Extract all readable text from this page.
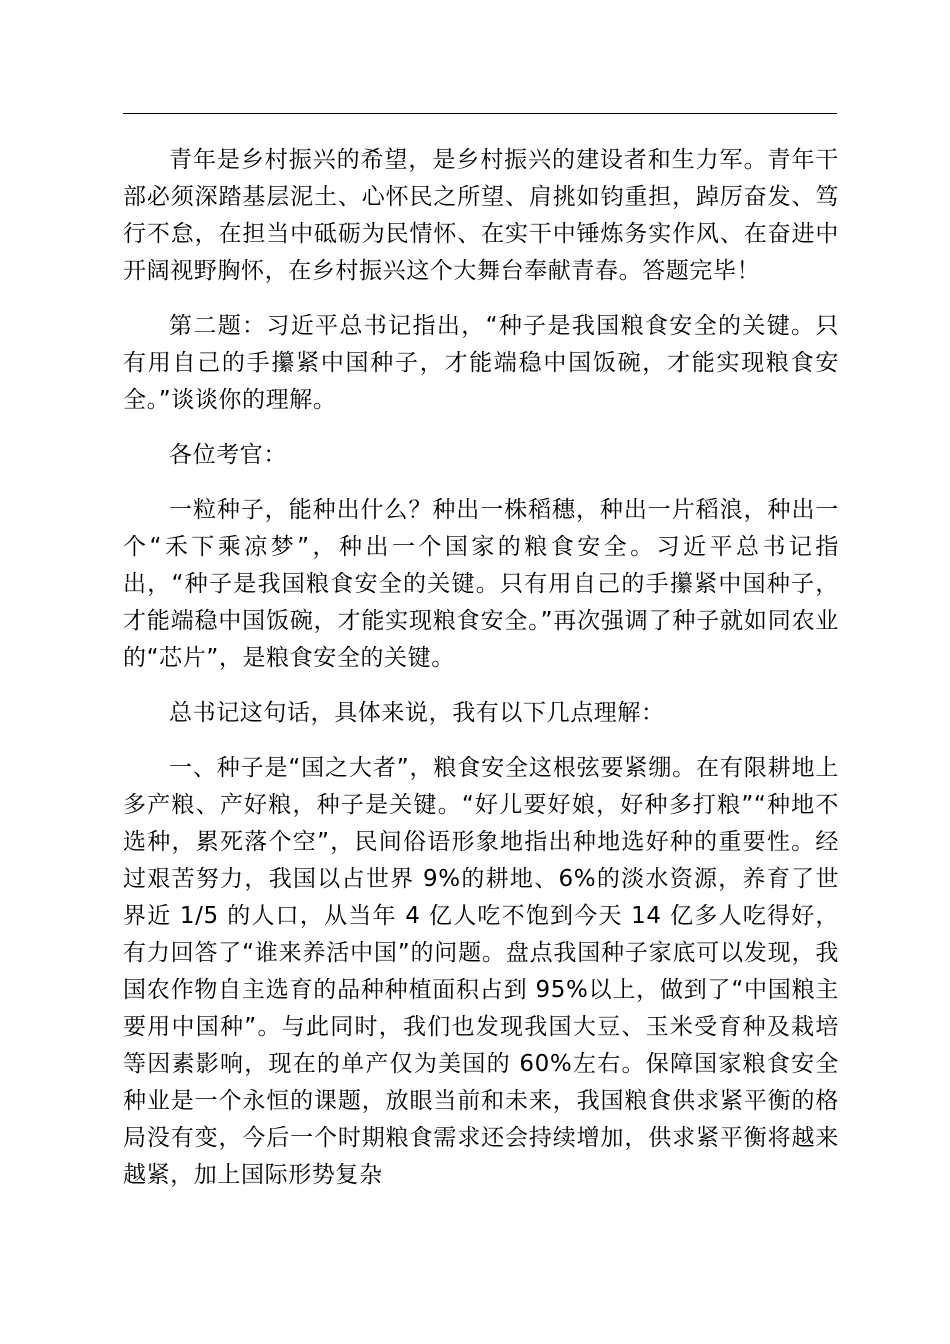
青年是乡村振兴的希望，是乡村振兴的建设者和生力军。青年干部必须深踏基层泥土、心怀民之所望、肩挑如钧重担，踔厉奋发、笃行不怠，在担当中砥砺为民情怀、在实干中锤炼务实作风、在奋进中开阔视野胸怀，在乡村振兴这个大舞台奉献青春。答题完毕！

第二题：习近平总书记指出，“种子是我国粮食安全的关键。只有用自己的手攥紧中国种子，才能端稳中国饭碗，才能实现粮食安全。”谈谈你的理解。

各位考官：

一粒种子，能种出什么？种出一株稻穗，种出一片稻浪，种出一个“禾下乘凉梦”，种出一个国家的粮食安全。习近平总书记指出，“种子是我国粮食安全的关键。只有用自己的手攥紧中国种子，才能端稳中国饭碗，才能实现粮食安全。”再次强调了种子就如同农业的“芯片”，是粮食安全的关键。

总书记这句话，具体来说，我有以下几点理解：

一、种子是“国之大者”，粮食安全这根弦要紧绷。在有限耕地上多产粮、产好粮，种子是关键。“好儿要好娘，好种多打粮”“种地不选种，累死落个空”，民间俗语形象地指出种地选好种的重要性。经过艰苦努力，我国以占世界 9%的耕地、6%的淡水资源，养育了世界近 1/5 的人口，从当年 4 亿人吃不饱到今天 14 亿多人吃得好，有力回答了“谁来养活中国”的问题。盘点我国种子家底可以发现，我国农作物自主选育的品种种植面积占到 95%以上，做到了“中国粮主要用中国种”。与此同时，我们也发现我国大豆、玉米受育种及栽培等因素影响，现在的单产仅为美国的 60%左右。保障国家粮食安全种业是一个永恒的课题，放眼当前和未来，我国粮食供求紧平衡的格局没有变，今后一个时期粮食需求还会持续增加，供求紧平衡将越来越紧，加上国际形势复杂
